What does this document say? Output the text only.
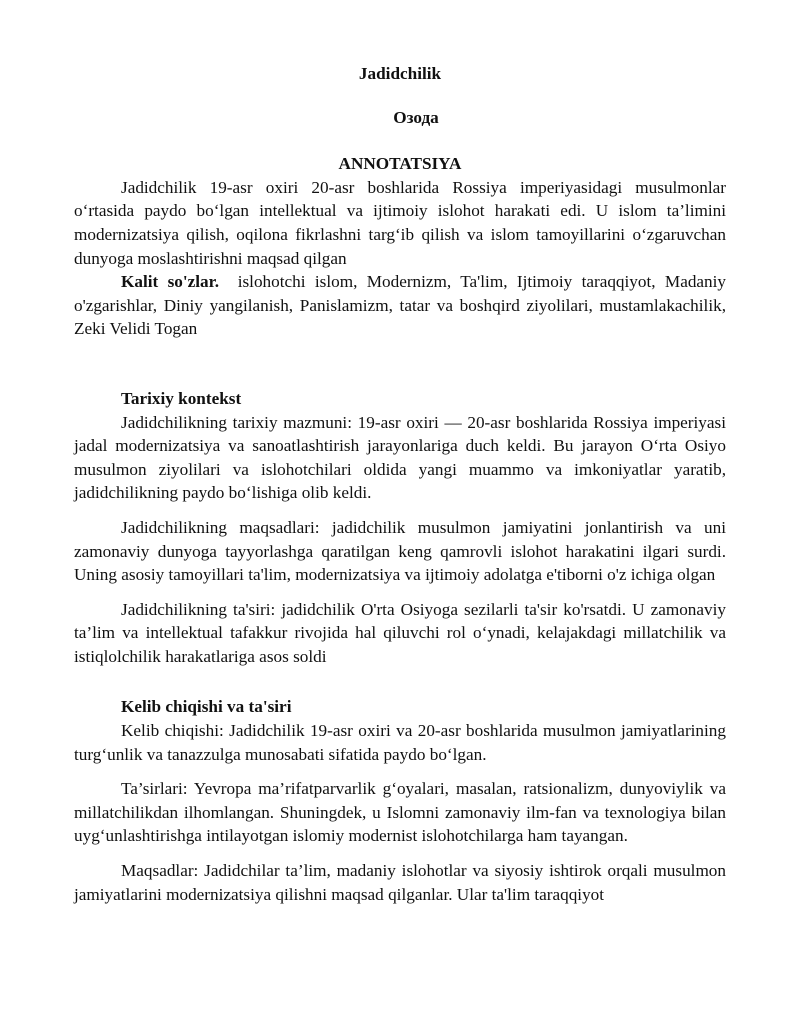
Jadidchilik
Озода
ANNOTATSIYA

Jadidchilik 19-asr oxiri 20-asr boshlarida Rossiya imperiyasidagi musulmonlar o‘rtasida paydo bo‘lgan intellektual va ijtimoiy islohot harakati edi. U islom ta’limini modernizatsiya qilish, oqilona fikrlashni targ‘ib qilish va islom tamoyillarini o‘zgaruvchan dunyoga moslashtirishni maqsad qilgan

Kalit so'zlar. islohotchi islom, Modernizm, Ta'lim, Ijtimoiy taraqqiyot, Madaniy o'zgarishlar, Diniy yangilanish, Panislamizm, tatar va boshqird ziyolilari, mustamlakachilik, Zeki Velidi Togan

Tarixiy kontekst

Jadidchilikning tarixiy mazmuni: 19-asr oxiri — 20-asr boshlarida Rossiya imperiyasi jadal modernizatsiya va sanoatlashtirish jarayonlariga duch keldi. Bu jarayon O‘rta Osiyo musulmon ziyolilari va islohotchilari oldida yangi muammo va imkoniyatlar yaratib, jadidchilikning paydo bo‘lishiga olib keldi.

Jadidchilikning maqsadlari: jadidchilik musulmon jamiyatini jonlantirish va uni zamonaviy dunyoga tayyorlashga qaratilgan keng qamrovli islohot harakatini ilgari surdi. Uning asosiy tamoyillari ta'lim, modernizatsiya va ijtimoiy adolatga e'tiborni o'z ichiga olgan

Jadidchilikning ta'siri: jadidchilik O'rta Osiyoga sezilarli ta'sir ko'rsatdi. U zamonaviy ta’lim va intellektual tafakkur rivojida hal qiluvchi rol o‘ynadi, kelajakdagi millatchilik va istiqlolchilik harakatlariga asos soldi

Kelib chiqishi va ta'siri

Kelib chiqishi: Jadidchilik 19-asr oxiri va 20-asr boshlarida musulmon jamiyatlarining turg‘unlik va tanazzulga munosabati sifatida paydo bo‘lgan.

Ta’sirlari: Yevropa ma’rifatparvarlik g‘oyalari, masalan, ratsionalizm, dunyoviylik va millatchilikdan ilhomlangan. Shuningdek, u Islomni zamonaviy ilm-fan va texnologiya bilan uyg‘unlashtirishga intilayotgan islomiy modernist islohotchilarga ham tayangan.

Maqsadlar: Jadidchilar ta’lim, madaniy islohotlar va siyosiy ishtirok orqali musulmon jamiyatlarini modernizatsiya qilishni maqsad qilganlar. Ular ta'lim taraqqiyot
